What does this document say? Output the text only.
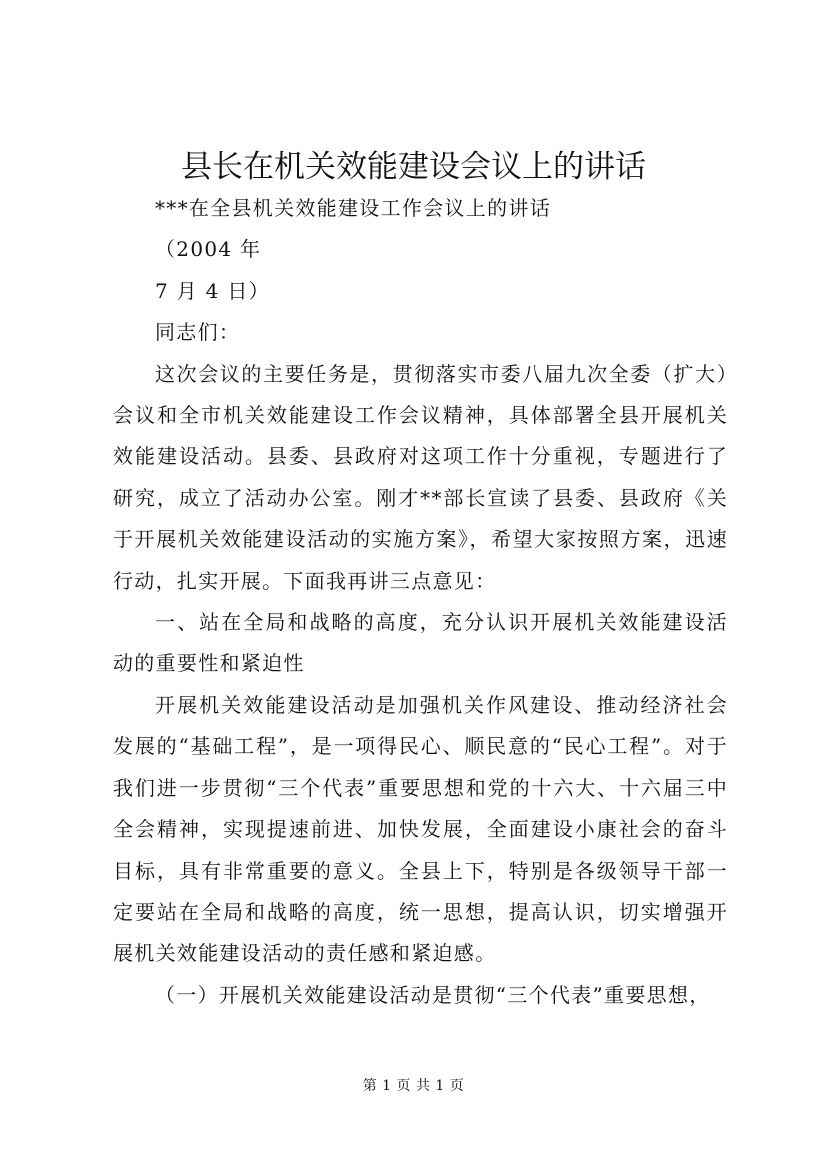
县长在机关效能建设会议上的讲话

***在全县机关效能建设工作会议上的讲话

（2004 年

7 月 4 日）

同志们：

这次会议的主要任务是，贯彻落实市委八届九次全委（扩大）会议和全市机关效能建设工作会议精神，具体部署全县开展机关效能建设活动。县委、县政府对这项工作十分重视，专题进行了研究，成立了活动办公室。刚才**部长宣读了县委、县政府《关于开展机关效能建设活动的实施方案》，希望大家按照方案，迅速行动，扎实开展。下面我再讲三点意见：

一、站在全局和战略的高度，充分认识开展机关效能建设活动的重要性和紧迫性

开展机关效能建设活动是加强机关作风建设、推动经济社会发展的“基础工程”，是一项得民心、顺民意的“民心工程”。对于我们进一步贯彻“三个代表”重要思想和党的十六大、十六届三中全会精神，实现提速前进、加快发展，全面建设小康社会的奋斗目标，具有非常重要的意义。全县上下，特别是各级领导干部一定要站在全局和战略的高度，统一思想，提高认识，切实增强开展机关效能建设活动的责任感和紧迫感。

（一）开展机关效能建设活动是贯彻“三个代表”重要思想，

第 1 页 共 1 页
